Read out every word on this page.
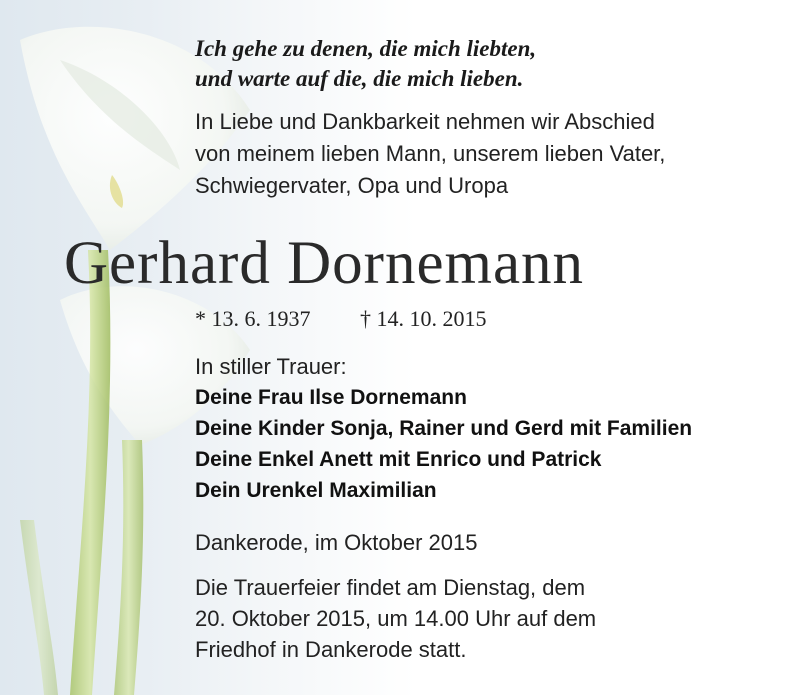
Ich gehe zu denen, die mich liebten,
und warte auf die, die mich lieben.
In Liebe und Dankbarkeit nehmen wir Abschied
von meinem lieben Mann, unserem lieben Vater,
Schwiegervater, Opa und Uropa
Gerhard Dornemann
* 13. 6. 1937 † 14. 10. 2015
In stiller Trauer:
Deine Frau Ilse Dornemann
Deine Kinder Sonja, Rainer und Gerd mit Familien
Deine Enkel Anett mit Enrico und Patrick
Dein Urenkel Maximilian
Dankerode, im Oktober 2015
Die Trauerfeier findet am Dienstag, dem
20. Oktober 2015, um 14.00 Uhr auf dem
Friedhof in Dankerode statt.
